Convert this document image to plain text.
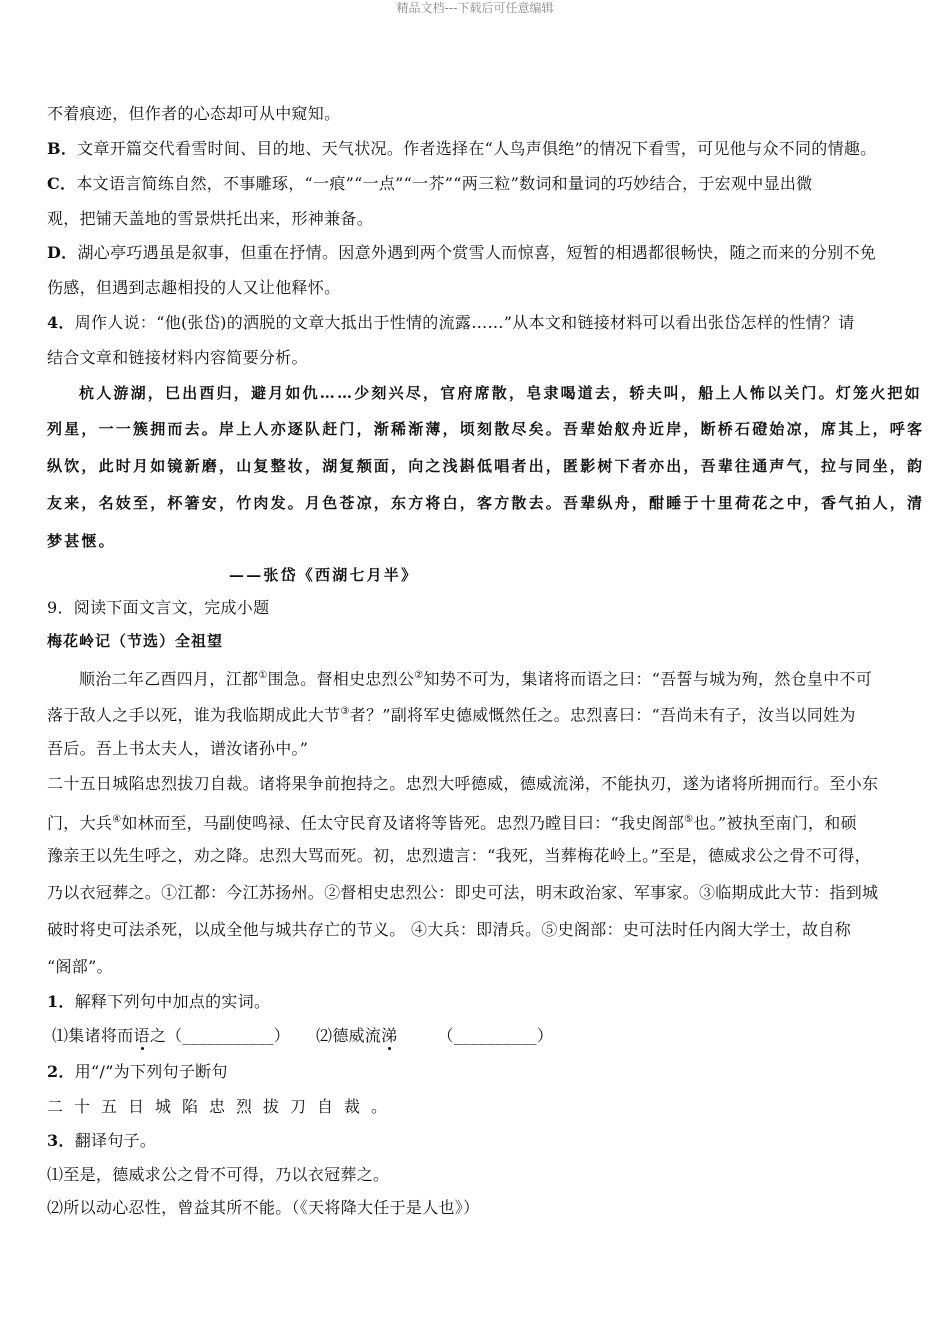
精品文档---下载后可任意编辑
不着痕迹，但作者的心态却可从中窥知。
B．文章开篇交代看雪时间、目的地、天气状况。作者选择在“人鸟声俱绝”的情况下看雪，可见他与众不同的情趣。
C．本文语言简练自然，不事雕琢，“一痕”“一点”“一芥”“两三粒”数词和量词的巧妙结合，于宏观中显出微
观，把铺天盖地的雪景烘托出来，形神兼备。
D．湖心亭巧遇虽是叙事，但重在抒情。因意外遇到两个赏雪人而惊喜，短暂的相遇都很畅快，随之而来的分别不免
伤感，但遇到志趣相投的人又让他释怀。
4．周作人说：“他(张岱)的洒脱的文章大抵出于性情的流露……”从本文和链接材料可以看出张岱怎样的性情？请
结合文章和链接材料内容简要分析。
杭人游湖，巳出酉归，避月如仇……少刻兴尽，官府席散，皂隶喝道去，轿夫叫，船上人怖以关门。灯笼火把如
列星，一一簇拥而去。岸上人亦逐队赶门，渐稀渐薄，顷刻散尽矣。吾辈始舣舟近岸，断桥石磴始凉，席其上，呼客
纵饮，此时月如镜新磨，山复整妆，湖复颒面，向之浅斟低唱者出，匿影树下者亦出，吾辈往通声气，拉与同坐，韵
友来，名妓至，杯箸安，竹肉发。月色苍凉，东方将白，客方散去。吾辈纵舟，酣睡于十里荷花之中，香气拍人，清
梦甚惬。
——张岱《西湖七月半》
9．阅读下面文言文，完成小题
梅花岭记（节选）全祖望
顺治二年乙酉四月，江都①围急。督相史忠烈公②知势不可为，集诸将而语之曰：“吾誓与城为殉，然仓皇中不可
落于敌人之手以死，谁为我临期成此大节③者？”副将军史德威慨然任之。忠烈喜曰：“吾尚未有子，汝当以同姓为
吾后。吾上书太夫人，谱汝诸孙中。”
二十五日城陷忠烈拔刀自裁。诸将果争前抱持之。忠烈大呼德威，德威流涕，不能执刃，遂为诸将所拥而行。至小东
门，大兵④如林而至，马副使鸣禄、任太守民育及诸将等皆死。忠烈乃瞠目曰：“我史阁部⑤也。”被执至南门，和硕
豫亲王以先生呼之，劝之降。忠烈大骂而死。初，忠烈遗言：“我死，当葬梅花岭上。”至是，德威求公之骨不可得，
乃以衣冠葬之。①江都：今江苏扬州。②督相史忠烈公：即史可法，明末政治家、军事家。③临期成此大节：指到城
破时将史可法杀死，以成全他与城共存亡的节义。 ④大兵：即清兵。⑤史阁部：史可法时任内阁大学士，故自称
“阁部”。
1．解释下列句中加点的实词。
⑴集诸将而语之（___________） ⑵德威流涕	（__________）
2．用“/”为下列句子断句
二十五日城陷忠烈拔刀自裁。
3．翻译句子。
⑴至是，德威求公之骨不可得，乃以衣冠葬之。
⑵所以动心忍性，曾益其所不能。（《天将降大任于是人也》）
